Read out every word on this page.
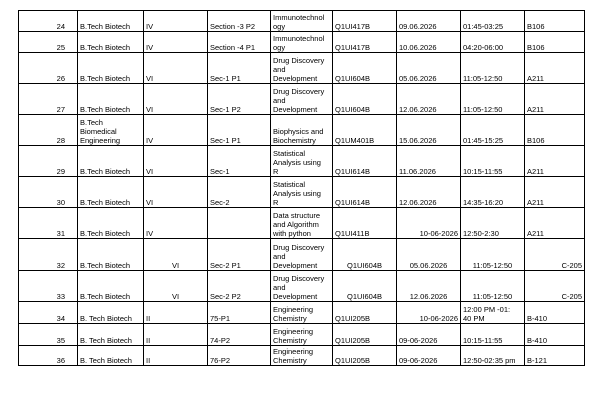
24	B.Tech Biotech	IV	Section -3 P2	Immunotechnol
ogy	Q1UI417B	09.06.2026	01:45-03:25	B106
25	B.Tech Biotech	IV	Section -4 P1	Immunotechnol
ogy	Q1UI417B	10.06.2026	04:20-06:00	B106
26	B.Tech Biotech	VI	Sec-1 P1	Drug Discovery
and
Development	Q1UI604B	05.06.2026	11:05-12:50	A211
27	B.Tech Biotech	VI	Sec-1 P2	Drug Discovery
and
Development	Q1UI604B	12.06.2026	11:05-12:50	A211
28	B.Tech
Biomedical
Engineering	IV	Sec-1 P1	Biophysics and
Biochemistry	Q1UM401B	15.06.2026	01:45-15:25	B106
29	B.Tech Biotech	VI	Sec-1	Statistical
Analysis using
R	Q1UI614B	11.06.2026	10:15-11:55	A211
30	B.Tech Biotech	VI	Sec-2	Statistical
Analysis using
R	Q1UI614B	12.06.2026	14:35-16:20	A211
31	B.Tech Biotech	IV		Data structure
and Algorithm
with python	Q1UI411B	10-06-2026	12:50-2:30	A211
32	B.Tech Biotech	VI	Sec-2 P1	Drug Discovery
and
Development	Q1UI604B	05.06.2026	11:05-12:50	C-205
33	B.Tech Biotech	VI	Sec-2 P2	Drug Discovery
and
Development	Q1UI604B	12.06.2026	11:05-12:50	C-205
34	B. Tech Biotech	II	75-P1	Engineering
Chemistry	Q1UI205B	10-06-2026	12:00 PM -01:
40 PM	B-410
35	B. Tech Biotech	II	74-P2	Engineering
Chemistry	Q1UI205B	09-06-2026	10:15-11:55	B-410
36	B. Tech Biotech	II	76-P2	Engineering
Chemistry	Q1UI205B	09-06-2026	12:50-02:35 pm	B-121
